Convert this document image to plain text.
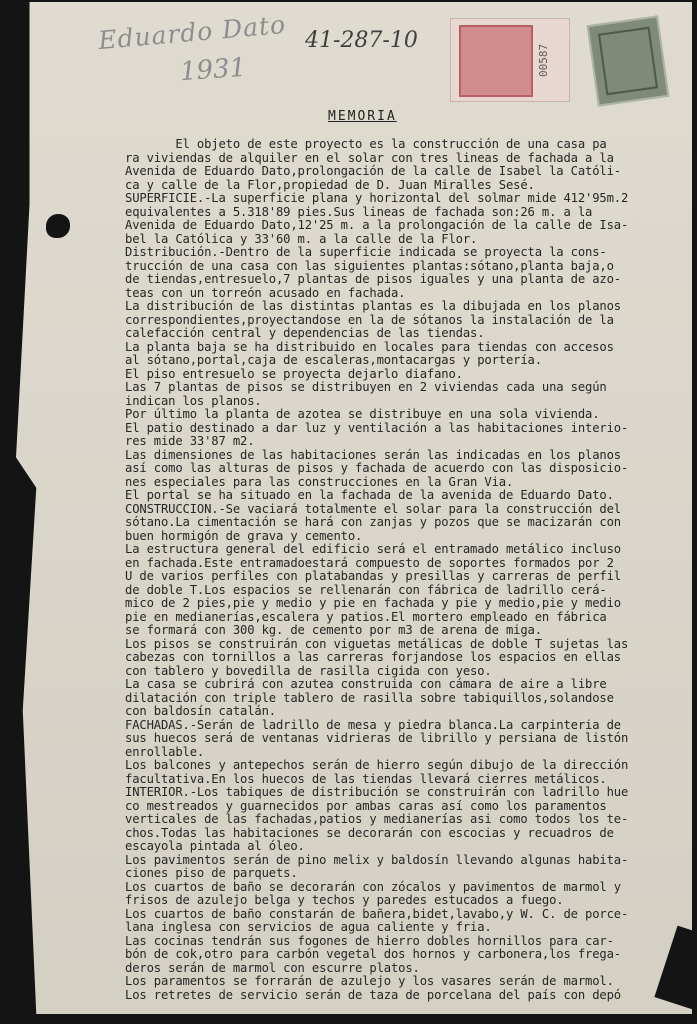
Eduardo Dato
1931
41-287-10
00587
MEMORIA
El objeto de este proyecto es la construcción de una casa pa
ra viviendas de alquiler en el solar con tres lineas de fachada a la
Avenida de Eduardo Dato,prolongación de la calle de Isabel la Católi-
ca y calle de la Flor,propiedad de D. Juan Miralles Sesé.
SUPERFICIE.-La superficie plana y horizontal del solmar mide 412'95m.2
equivalentes a 5.318'89 pies.Sus lineas de fachada son:26 m. a la
Avenida de Eduardo Dato,12'25 m. a la prolongación de la calle de Isa-
bel la Católica y 33'60 m. a la calle de la Flor.
Distribución.-Dentro de la superficie indicada se proyecta la cons-
trucción de una casa con las siguientes plantas:sótano,planta baja,o
de tiendas,entresuelo,7 plantas de pisos iguales y una planta de azo-
teas con un torreón acusado en fachada.
La distribución de las distintas plantas es la dibujada en los planos
correspondientes,proyectandose en la de sótanos la instalación de la
calefacción central y dependencias de las tiendas.
La planta baja se ha distribuido en locales para tiendas con accesos
al sótano,portal,caja de escaleras,montacargas y portería.
El piso entresuelo se proyecta dejarlo diafano.
Las 7 plantas de pisos se distribuyen en 2 viviendas cada una según
indican los planos.
Por último la planta de azotea se distribuye en una sola vivienda.
El patio destinado a dar luz y ventilación a las habitaciones interio-
res mide 33'87 m2.
Las dimensiones de las habitaciones serán las indicadas en los planos
así como las alturas de pisos y fachada de acuerdo con las disposicio-
nes especiales para las construcciones en la Gran Via.
El portal se ha situado en la fachada de la avenida de Eduardo Dato.
CONSTRUCCION.-Se vaciará totalmente el solar para la construcción del
sótano.La cimentación se hará con zanjas y pozos que se macizarán con
buen hormigón de grava y cemento.
La estructura general del edificio será el entramado metálico incluso
en fachada.Este entramadoestará compuesto de soportes formados por 2
U de varios perfiles con platabandas y presillas y carreras de perfil
de doble T.Los espacios se rellenarán con fábrica de ladrillo cerá-
mico de 2 pies,pie y medio y pie en fachada y pie y medio,pie y medio
pie en medianerías,escalera y patios.El mortero empleado en fábrica
se formará con 300 kg. de cemento por m3 de arena de miga.
Los pisos se construirán con viguetas metálicas de doble T sujetas las
cabezas con tornillos a las carreras forjandose los espacios en ellas
con tablero y bovedilla de rasilla cigida con yeso.
La casa se cubrirá con azutea construida con cámara de aire a libre
dilatación con triple tablero de rasilla sobre tabiquillos,solandose
con baldosín catalán.
FACHADAS.-Serán de ladrillo de mesa y piedra blanca.La carpinteria de
sus huecos será de ventanas vidrieras de librillo y persiana de listón
enrollable.
Los balcones y antepechos serán de hierro según dibujo de la dirección
facultativa.En los huecos de las tiendas llevará cierres metálicos.
INTERIOR.-Los tabiques de distribución se construirán con ladrillo hue
co mestreados y guarnecidos por ambas caras así como los paramentos
verticales de las fachadas,patios y medianerías asi como todos los te-
chos.Todas las habitaciones se decorarán con escocias y recuadros de
escayola pintada al óleo.
Los pavimentos serán de pino melix y baldosín llevando algunas habita-
ciones piso de parquets.
Los cuartos de baño se decorarán con zócalos y pavimentos de marmol y
frisos de azulejo belga y techos y paredes estucados a fuego.
Los cuartos de baño constarán de bañera,bidet,lavabo,y W. C. de porce-
lana inglesa con servicios de agua caliente y fria.
Las cocinas tendrán sus fogones de hierro dobles hornillos para car-
bón de cok,otro para carbón vegetal dos hornos y carbonera,los frega-
deros serán de marmol con escurre platos.
Los paramentos se forrarán de azulejo y los vasares serán de marmol.
Los retretes de servicio serán de taza de porcelana del país con depó
